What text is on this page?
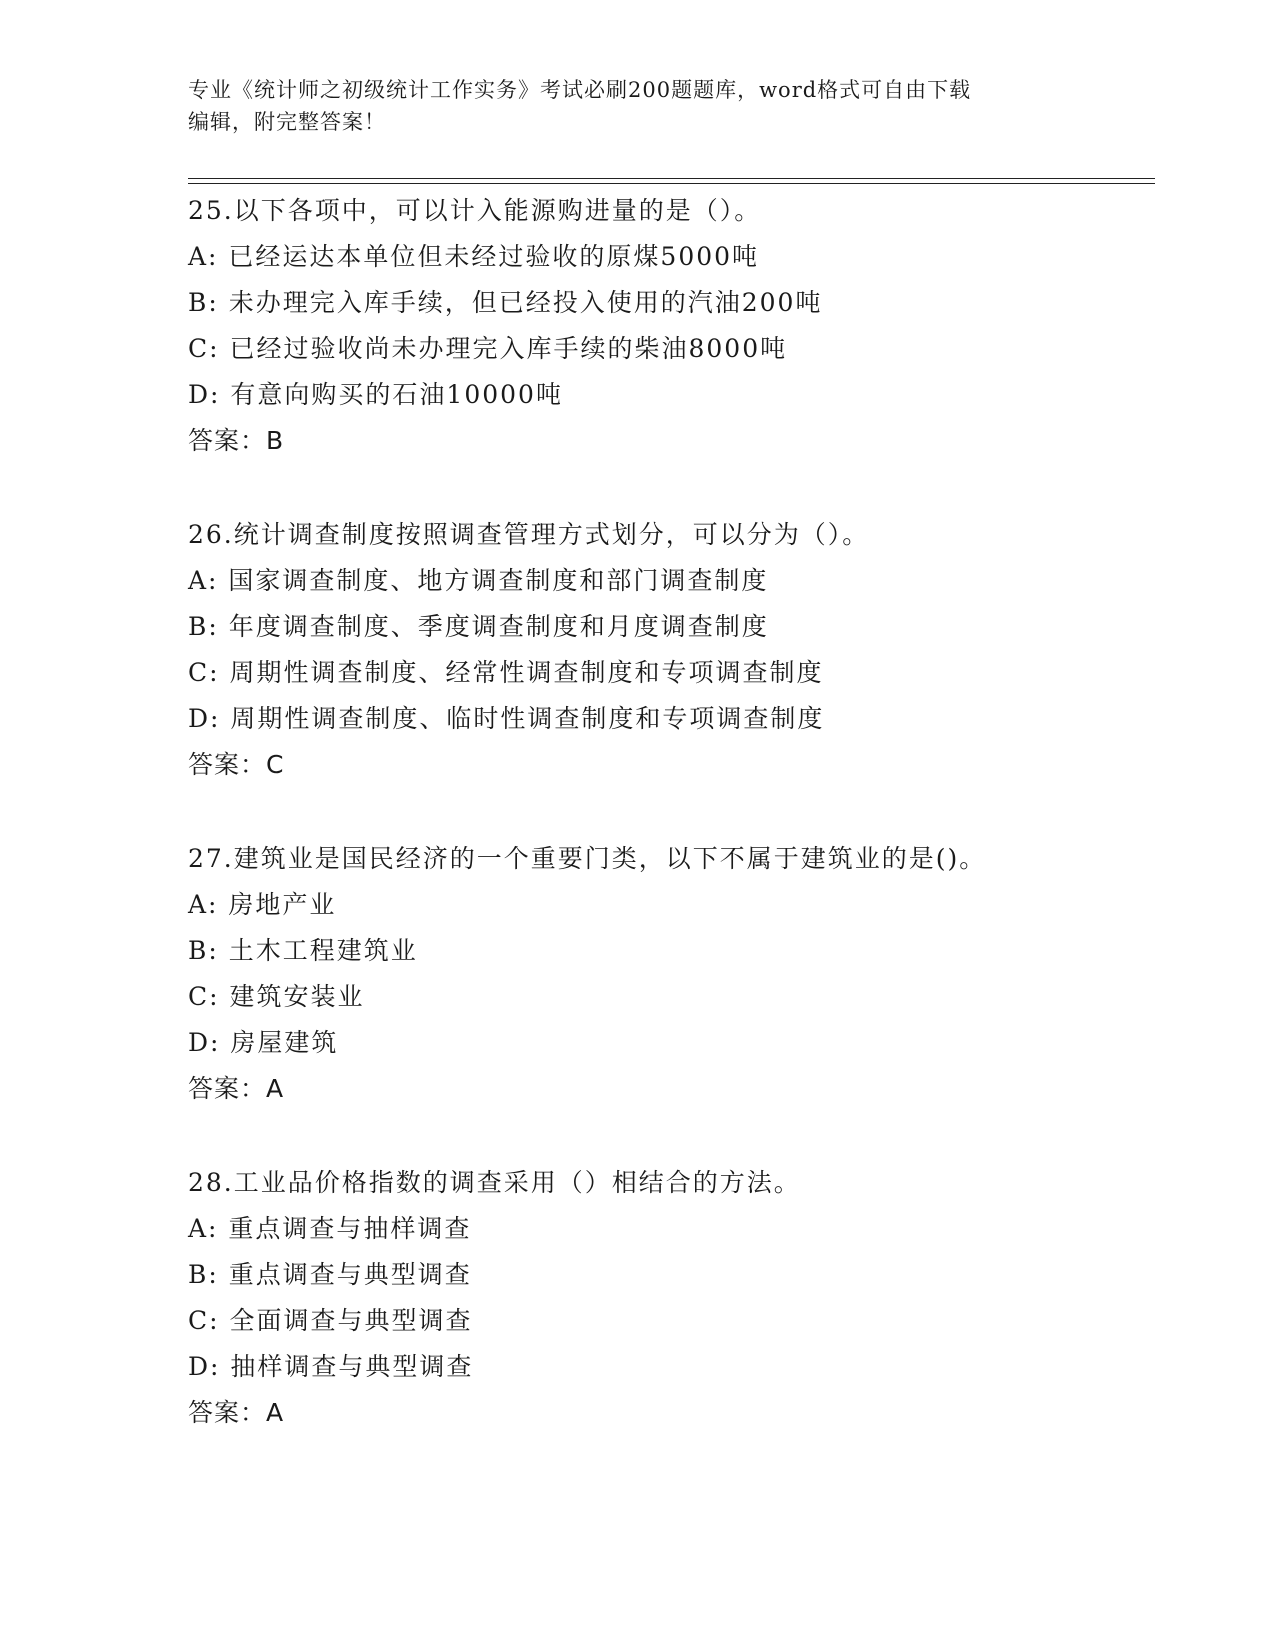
专业《统计师之初级统计工作实务》考试必刷200题题库，word格式可自由下载
编辑，附完整答案！
25.以下各项中，可以计入能源购进量的是（）。
A: 已经运达本单位但未经过验收的原煤5000吨
B: 未办理完入库手续，但已经投入使用的汽油200吨
C: 已经过验收尚未办理完入库手续的柴油8000吨
D: 有意向购买的石油10000吨
答案：B
26.统计调查制度按照调查管理方式划分，可以分为（）。
A: 国家调查制度、地方调查制度和部门调查制度
B: 年度调查制度、季度调查制度和月度调查制度
C: 周期性调查制度、经常性调查制度和专项调查制度
D: 周期性调查制度、临时性调查制度和专项调查制度
答案：C
27.建筑业是国民经济的一个重要门类，以下不属于建筑业的是()。
A: 房地产业
B: 土木工程建筑业
C: 建筑安装业
D: 房屋建筑
答案：A
28.工业品价格指数的调查采用（）相结合的方法。
A: 重点调查与抽样调查
B: 重点调查与典型调查
C: 全面调查与典型调查
D: 抽样调查与典型调查
答案：A
